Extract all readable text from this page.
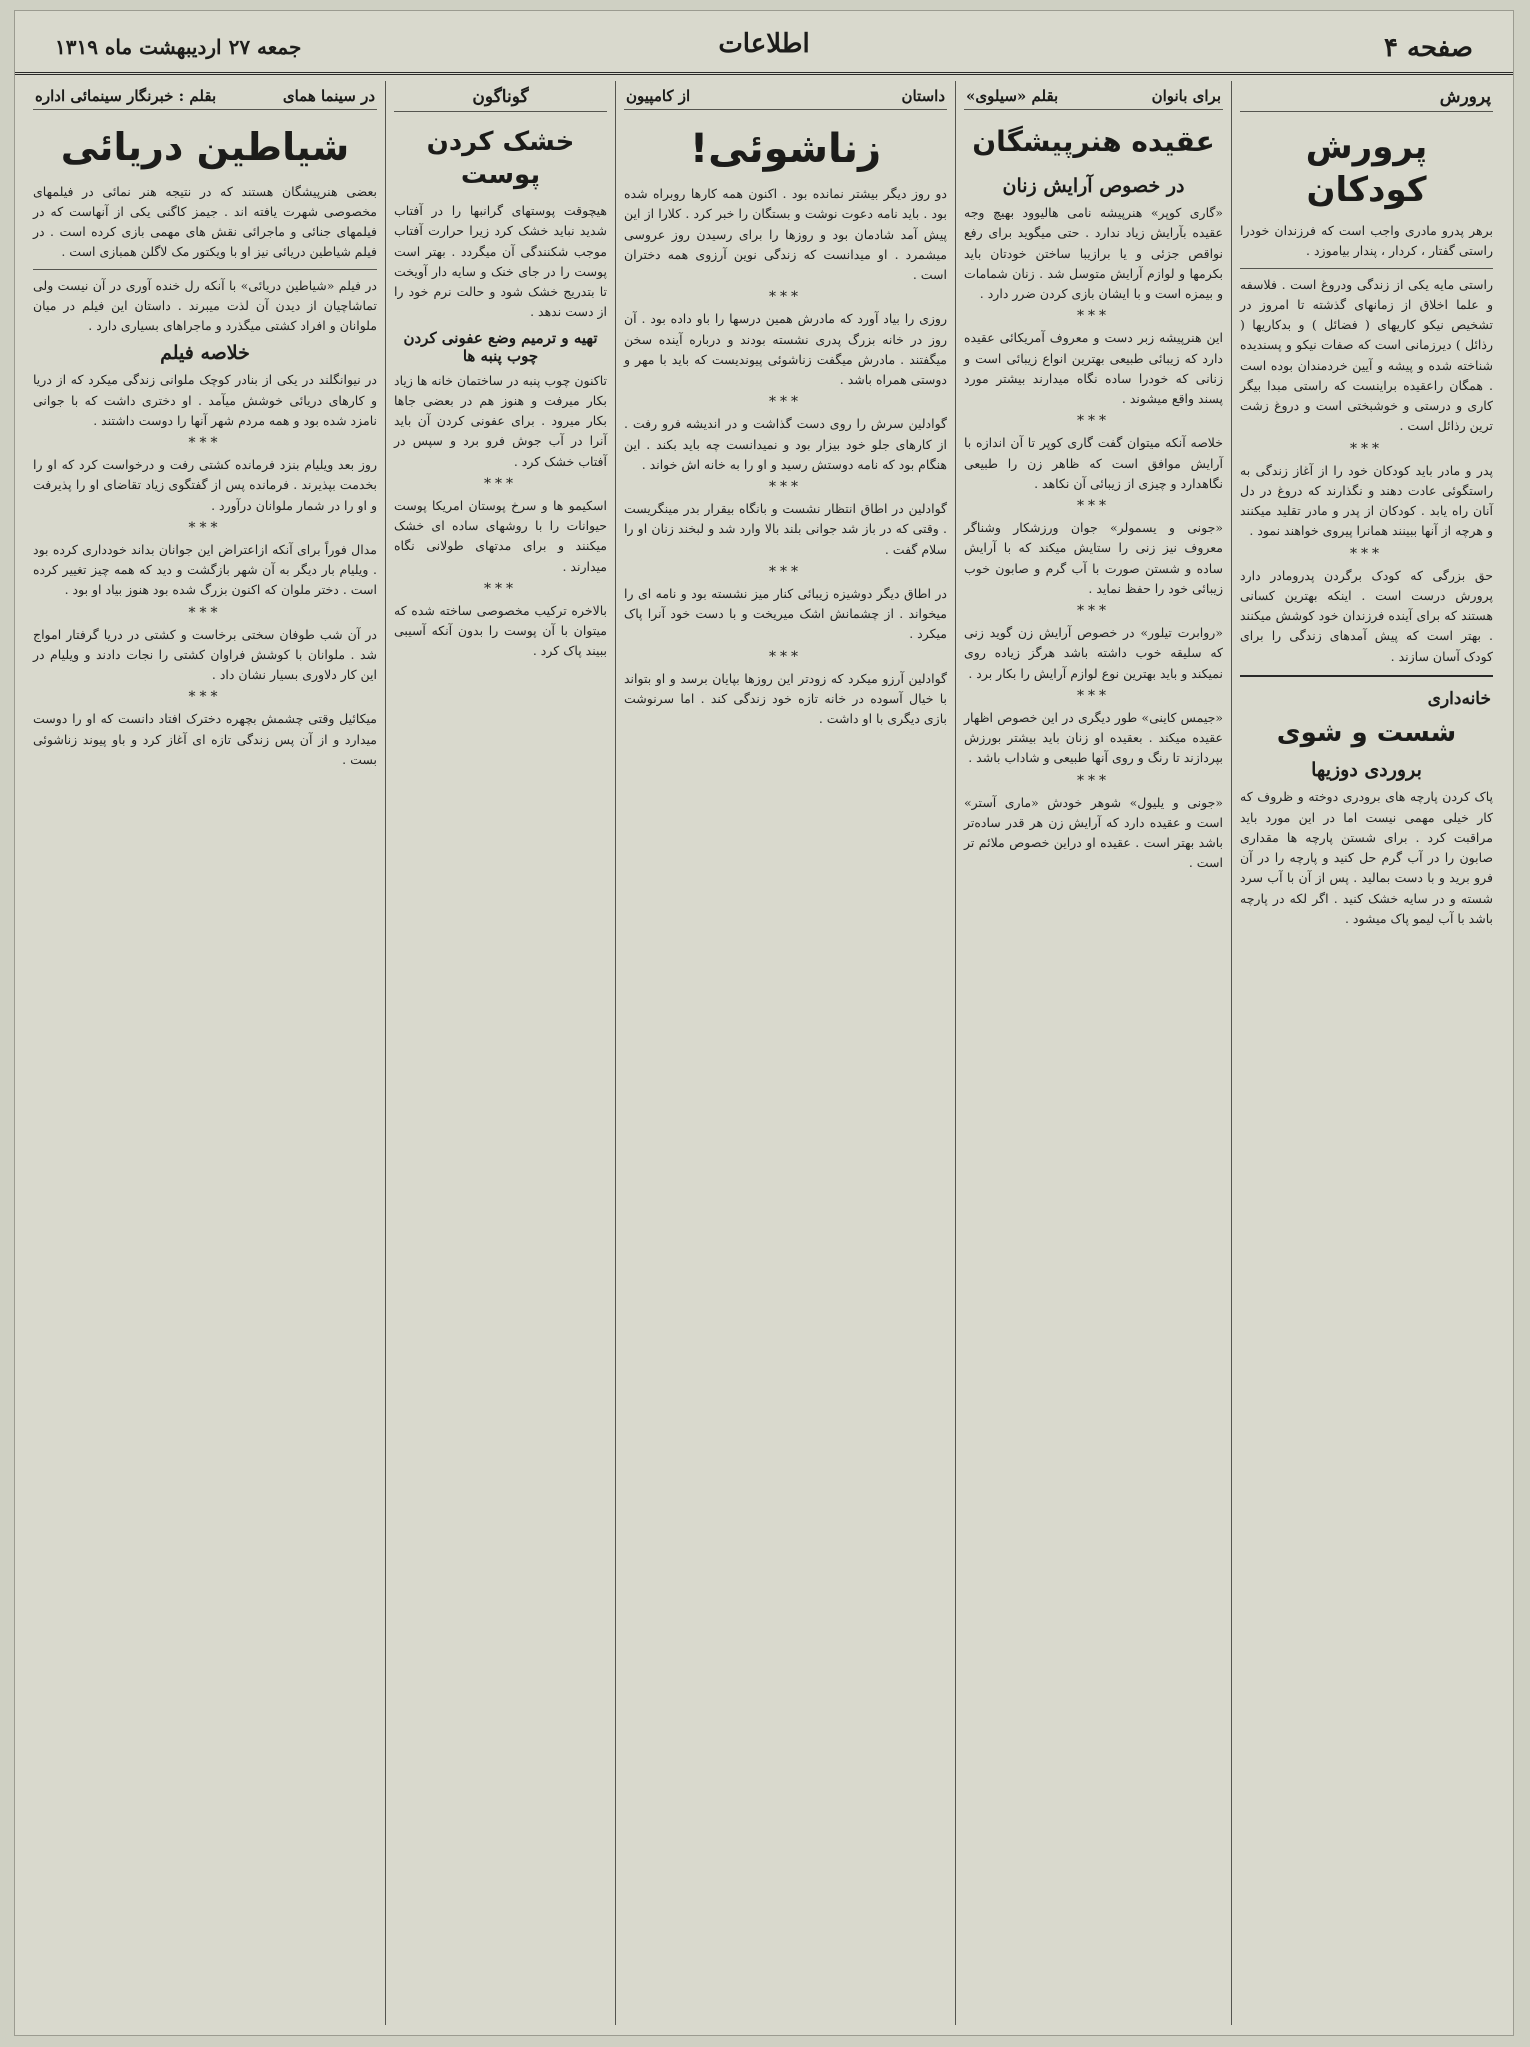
صفحه ۴
اطلاعات
جمعه ۲۷ اردیبهشت ماه ۱۳۱۹
پرورش
پرورش کودکان

برهر پدرو مادری واجب است که فرزندان خودرا راستی گفتار ، کردار ، پندار بیاموزد .

راستی مایه یکی از زندگی ودروغ است . فلاسفه و علما اخلاق از زمانهای گذشته تا امروز در تشخیص نیکو کاریهای ( فضائل ) و بدکاریها ( رذائل ) دیرزمانی است که صفات نیکو و پسندیده شناخته شده و پیشه و آیین خردمندان بوده است . همگان راعقیده براینست که راستی مبدا بیگر کاری و درستی و خوشبختی است و دروغ زشت ترین رذائل است .

***

پدر و مادر باید کودکان خود را از آغاز زندگی به راستگوئی عادت دهند و نگذارند که دروغ در دل آنان راه یابد . کودکان از پدر و مادر تقلید میکنند و هرچه از آنها ببینند همانرا پیروی خواهند نمود .

***

حق بزرگی که کودک برگردن پدرومادر دارد پرورش درست است . اینکه بهترین کسانی هستند که برای آینده فرزندان خود کوشش میکنند . بهتر است که پیش آمدهای زندگی را برای کودک آسان سازند .

خانه‌داری
شست و شوی
بروردی دوزیها

پاک کردن پارچه های برودری دوخته و ظروف که کار خیلی مهمی نیست اما در این مورد باید مراقبت کرد . برای شستن پارچه ها مقداری صابون را در آب گرم حل کنید و پارچه را در آن فرو برید و با دست بمالید . پس از آن با آب سرد شسته و در سایه خشک کنید . اگر لکه در پارچه باشد با آب لیمو پاک میشود .

برای بانوان
بقلم «سیلوی»
عقیده هنرپیشگان
در خصوص آرایش زنان

«گاری کوپر» هنرپیشه نامی هالیوود بهیچ وجه عقیده بآرایش زیاد ندارد . حتی میگوید برای رفع نواقص جزئی و یا برازیبا ساختن خودتان باید بکرمها و لوازم آرایش متوسل شد . زنان شمامات و بیمزه است و با ایشان بازی کردن ضرر دارد .

***

این هنرپیشه زبر دست و معروف آمریکائی عقیده دارد که زیبائی طبیعی بهترین انواع زیبائی است و زنانی که خودرا ساده نگاه میدارند بیشتر مورد پسند واقع میشوند .

***

خلاصه آنکه میتوان گفت گاری کوپر تا آن اندازه با آرایش موافق است که ظاهر زن را طبیعی نگاهدارد و چیزی از زیبائی آن نکاهد .

***

«جونی و یسمولر» جوان ورزشکار وشناگر معروف نیز زنی را ستایش میکند که با آرایش ساده و شستن صورت با آب گرم و صابون خوب زیبائی خود را حفظ نماید .

***

«روابرت تیلور» در خصوص آرایش زن گوید زنی که سلیقه خوب داشته باشد هرگز زیاده روی نمیکند و باید بهترین نوع لوازم آرایش را بکار برد .

***

«جیمس کاینی» طور دیگری در این خصوص اظهار عقیده میکند . بعقیده او زنان باید بیشتر بورزش بپردازند تا رنگ و روی آنها طبیعی و شاداب باشد .

***

«جونی و یلیول» شوهر خودش «ماری آستر» است و عقیده دارد که آرایش زن هر قدر ساده‌تر باشد بهتر است . عقیده او دراین خصوص ملائم تر است .

داستان
از کامپیون
زناشوئی!

دو روز دیگر بیشتر نمانده بود . اکنون همه کارها روبراه شده بود . باید نامه دعوت نوشت و بستگان را خبر کرد . کلارا از این پیش آمد شادمان بود و روزها را برای رسیدن روز عروسی میشمرد . او میدانست که زندگی نوین آرزوی همه دختران است .

***

روزی را بیاد آورد که مادرش همین درسها را باو داده بود . آن روز در خانه بزرگ پدری نشسته بودند و درباره آینده سخن میگفتند . مادرش میگفت زناشوئی پیوندیست که باید با مهر و دوستی همراه باشد .

***

گوادلین سرش را روی دست گذاشت و در اندیشه فرو رفت . از کارهای جلو خود بیزار بود و نمیدانست چه باید بکند . این هنگام بود که نامه دوستش رسید و او را به خانه اش خواند .

***

گوادلین در اطاق انتظار نشست و بانگاه بیقرار بدر مینگریست . وقتی که در باز شد جوانی بلند بالا وارد شد و لبخند زنان او را سلام گفت .

***

در اطاق دیگر دوشیزه زیبائی کنار میز نشسته بود و نامه ای را میخواند . از چشمانش اشک میریخت و با دست خود آنرا پاک میکرد .

***

گوادلین آرزو میکرد که زودتر این روزها بپایان برسد و او بتواند با خیال آسوده در خانه تازه خود زندگی کند . اما سرنوشت بازی دیگری با او داشت .

گوناگون
خشک کردن پوست

هیچوقت پوستهای گرانبها را در آفتاب شدید نباید خشک کرد زیرا حرارت آفتاب موجب شکنندگی آن میگردد . بهتر است پوست را در جای خنک و سایه دار آویخت تا بتدریج خشک شود و حالت نرم خود را از دست ندهد .

تهیه و ترمیم وضع عفونی کردن چوب پنبه ها

تاکنون چوب پنبه در ساختمان خانه ها زیاد بکار میرفت و هنوز هم در بعضی جاها بکار میرود . برای عفونی کردن آن باید آنرا در آب جوش فرو برد و سپس در آفتاب خشک کرد .

***

اسکیمو ها و سرخ پوستان امریکا پوست حیوانات را با روشهای ساده ای خشک میکنند و برای مدتهای طولانی نگاه میدارند .

***

بالاخره ترکیب مخصوصی ساخته شده که میتوان با آن پوست را بدون آنکه آسیبی ببیند پاک کرد .

در سینما همای
بقلم : خبرنگار سینمائی اداره
شیاطین دریائی

بعضی هنرپیشگان هستند که در نتیجه هنر نمائی در فیلمهای مخصوصی شهرت یافته اند . جیمز کاگنی یکی از آنهاست که در فیلمهای جنائی و ماجرائی نقش های مهمی بازی کرده است . در فیلم شیاطین دریائی نیز او با ویکتور مک لاگلن همبازی است .

در فیلم «شیاطین دریائی» با آنکه رل خنده آوری در آن نیست ولی تماشاچیان از دیدن آن لذت میبرند . داستان این فیلم در میان ملوانان و افراد کشتی میگذرد و ماجراهای بسیاری دارد .

خلاصه فیلم

در نیوانگلند در یکی از بنادر کوچک ملوانی زندگی میکرد که از دریا و کارهای دریائی خوشش میآمد . او دختری داشت که با جوانی نامزد شده بود و همه مردم شهر آنها را دوست داشتند .

***

روز بعد ویلیام بنزد فرمانده کشتی رفت و درخواست کرد که او را بخدمت بپذیرند . فرمانده پس از گفتگوی زیاد تقاضای او را پذیرفت و او را در شمار ملوانان درآورد .

***

مدال فوراً برای آنکه ازاعتراض این جوانان بداند خودداری کرده بود . ویلیام بار دیگر به آن شهر بازگشت و دید که همه چیز تغییر کرده است . دختر ملوان که اکنون بزرگ شده بود هنوز بیاد او بود .

***

در آن شب طوفان سختی برخاست و کشتی در دریا گرفتار امواج شد . ملوانان با کوشش فراوان کشتی را نجات دادند و ویلیام در این کار دلاوری بسیار نشان داد .

***

میکائیل وقتی چشمش بچهره دخترک افتاد دانست که او را دوست میدارد و از آن پس زندگی تازه ای آغاز کرد و باو پیوند زناشوئی بست .
